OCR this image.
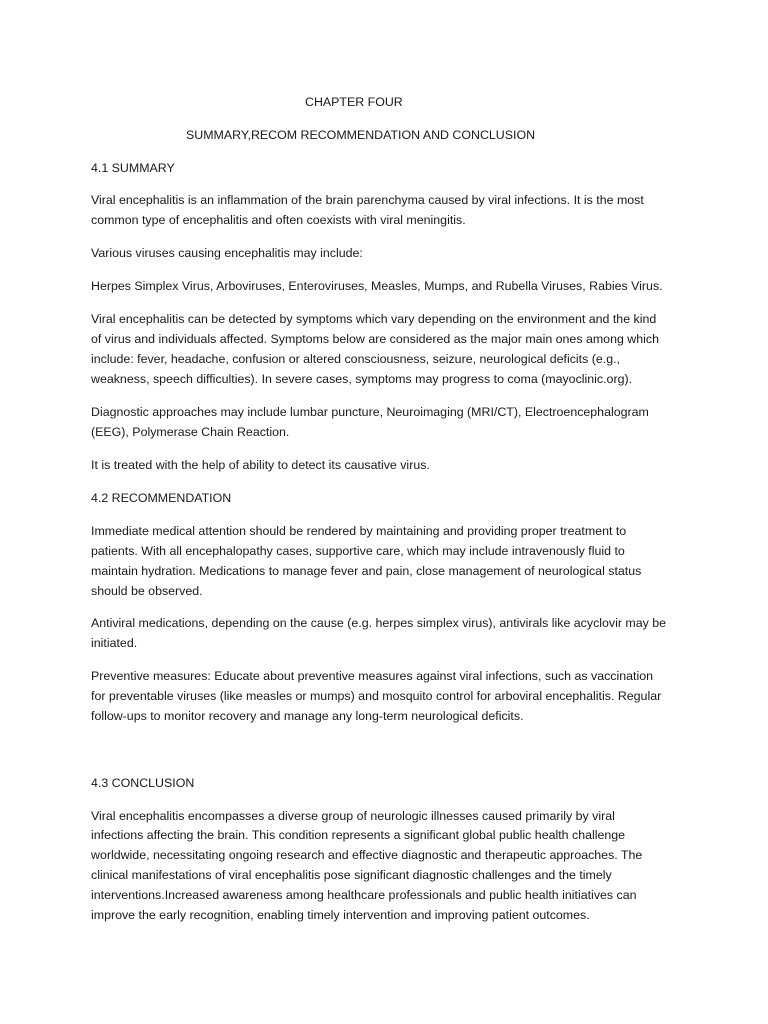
CHAPTER FOUR
SUMMARY,RECOM RECOMMENDATION AND CONCLUSION
4.1 SUMMARY
Viral encephalitis is an inflammation of the brain parenchyma caused by viral infections. It is the most
common type of encephalitis and often coexists with viral meningitis.
Various viruses causing encephalitis may include:
Herpes Simplex Virus, Arboviruses, Enteroviruses, Measles, Mumps, and Rubella Viruses, Rabies Virus.
Viral encephalitis can be detected by symptoms which vary depending on the environment and the kind
of virus and individuals affected. Symptoms below are considered as the major main ones among which
include: fever, headache, confusion or altered consciousness, seizure, neurological deficits (e.g.,
weakness, speech difficulties). In severe cases, symptoms may progress to coma (mayoclinic.org).
Diagnostic approaches may include lumbar puncture, Neuroimaging (MRI/CT), Electroencephalogram
(EEG), Polymerase Chain Reaction.
It is treated with the help of ability to detect its causative virus.
4.2 RECOMMENDATION
Immediate medical attention should be rendered by maintaining and providing proper treatment to
patients. With all encephalopathy cases, supportive care, which may include intravenously fluid to
maintain hydration. Medications to manage fever and pain, close management of neurological status
should be observed.
Antiviral medications, depending on the cause (e.g. herpes simplex virus), antivirals like acyclovir may be
initiated.
Preventive measures: Educate about preventive measures against viral infections, such as vaccination
for preventable viruses (like measles or mumps) and mosquito control for arboviral encephalitis. Regular
follow-ups to monitor recovery and manage any long-term neurological deficits.
4.3 CONCLUSION
Viral encephalitis encompasses a diverse group of neurologic illnesses caused primarily by viral
infections affecting the brain. This condition represents a significant global public health challenge
worldwide, necessitating ongoing research and effective diagnostic and therapeutic approaches. The
clinical manifestations of viral encephalitis pose significant diagnostic challenges and the timely
interventions.Increased awareness among healthcare professionals and public health initiatives can
improve the early recognition, enabling timely intervention and improving patient outcomes.
